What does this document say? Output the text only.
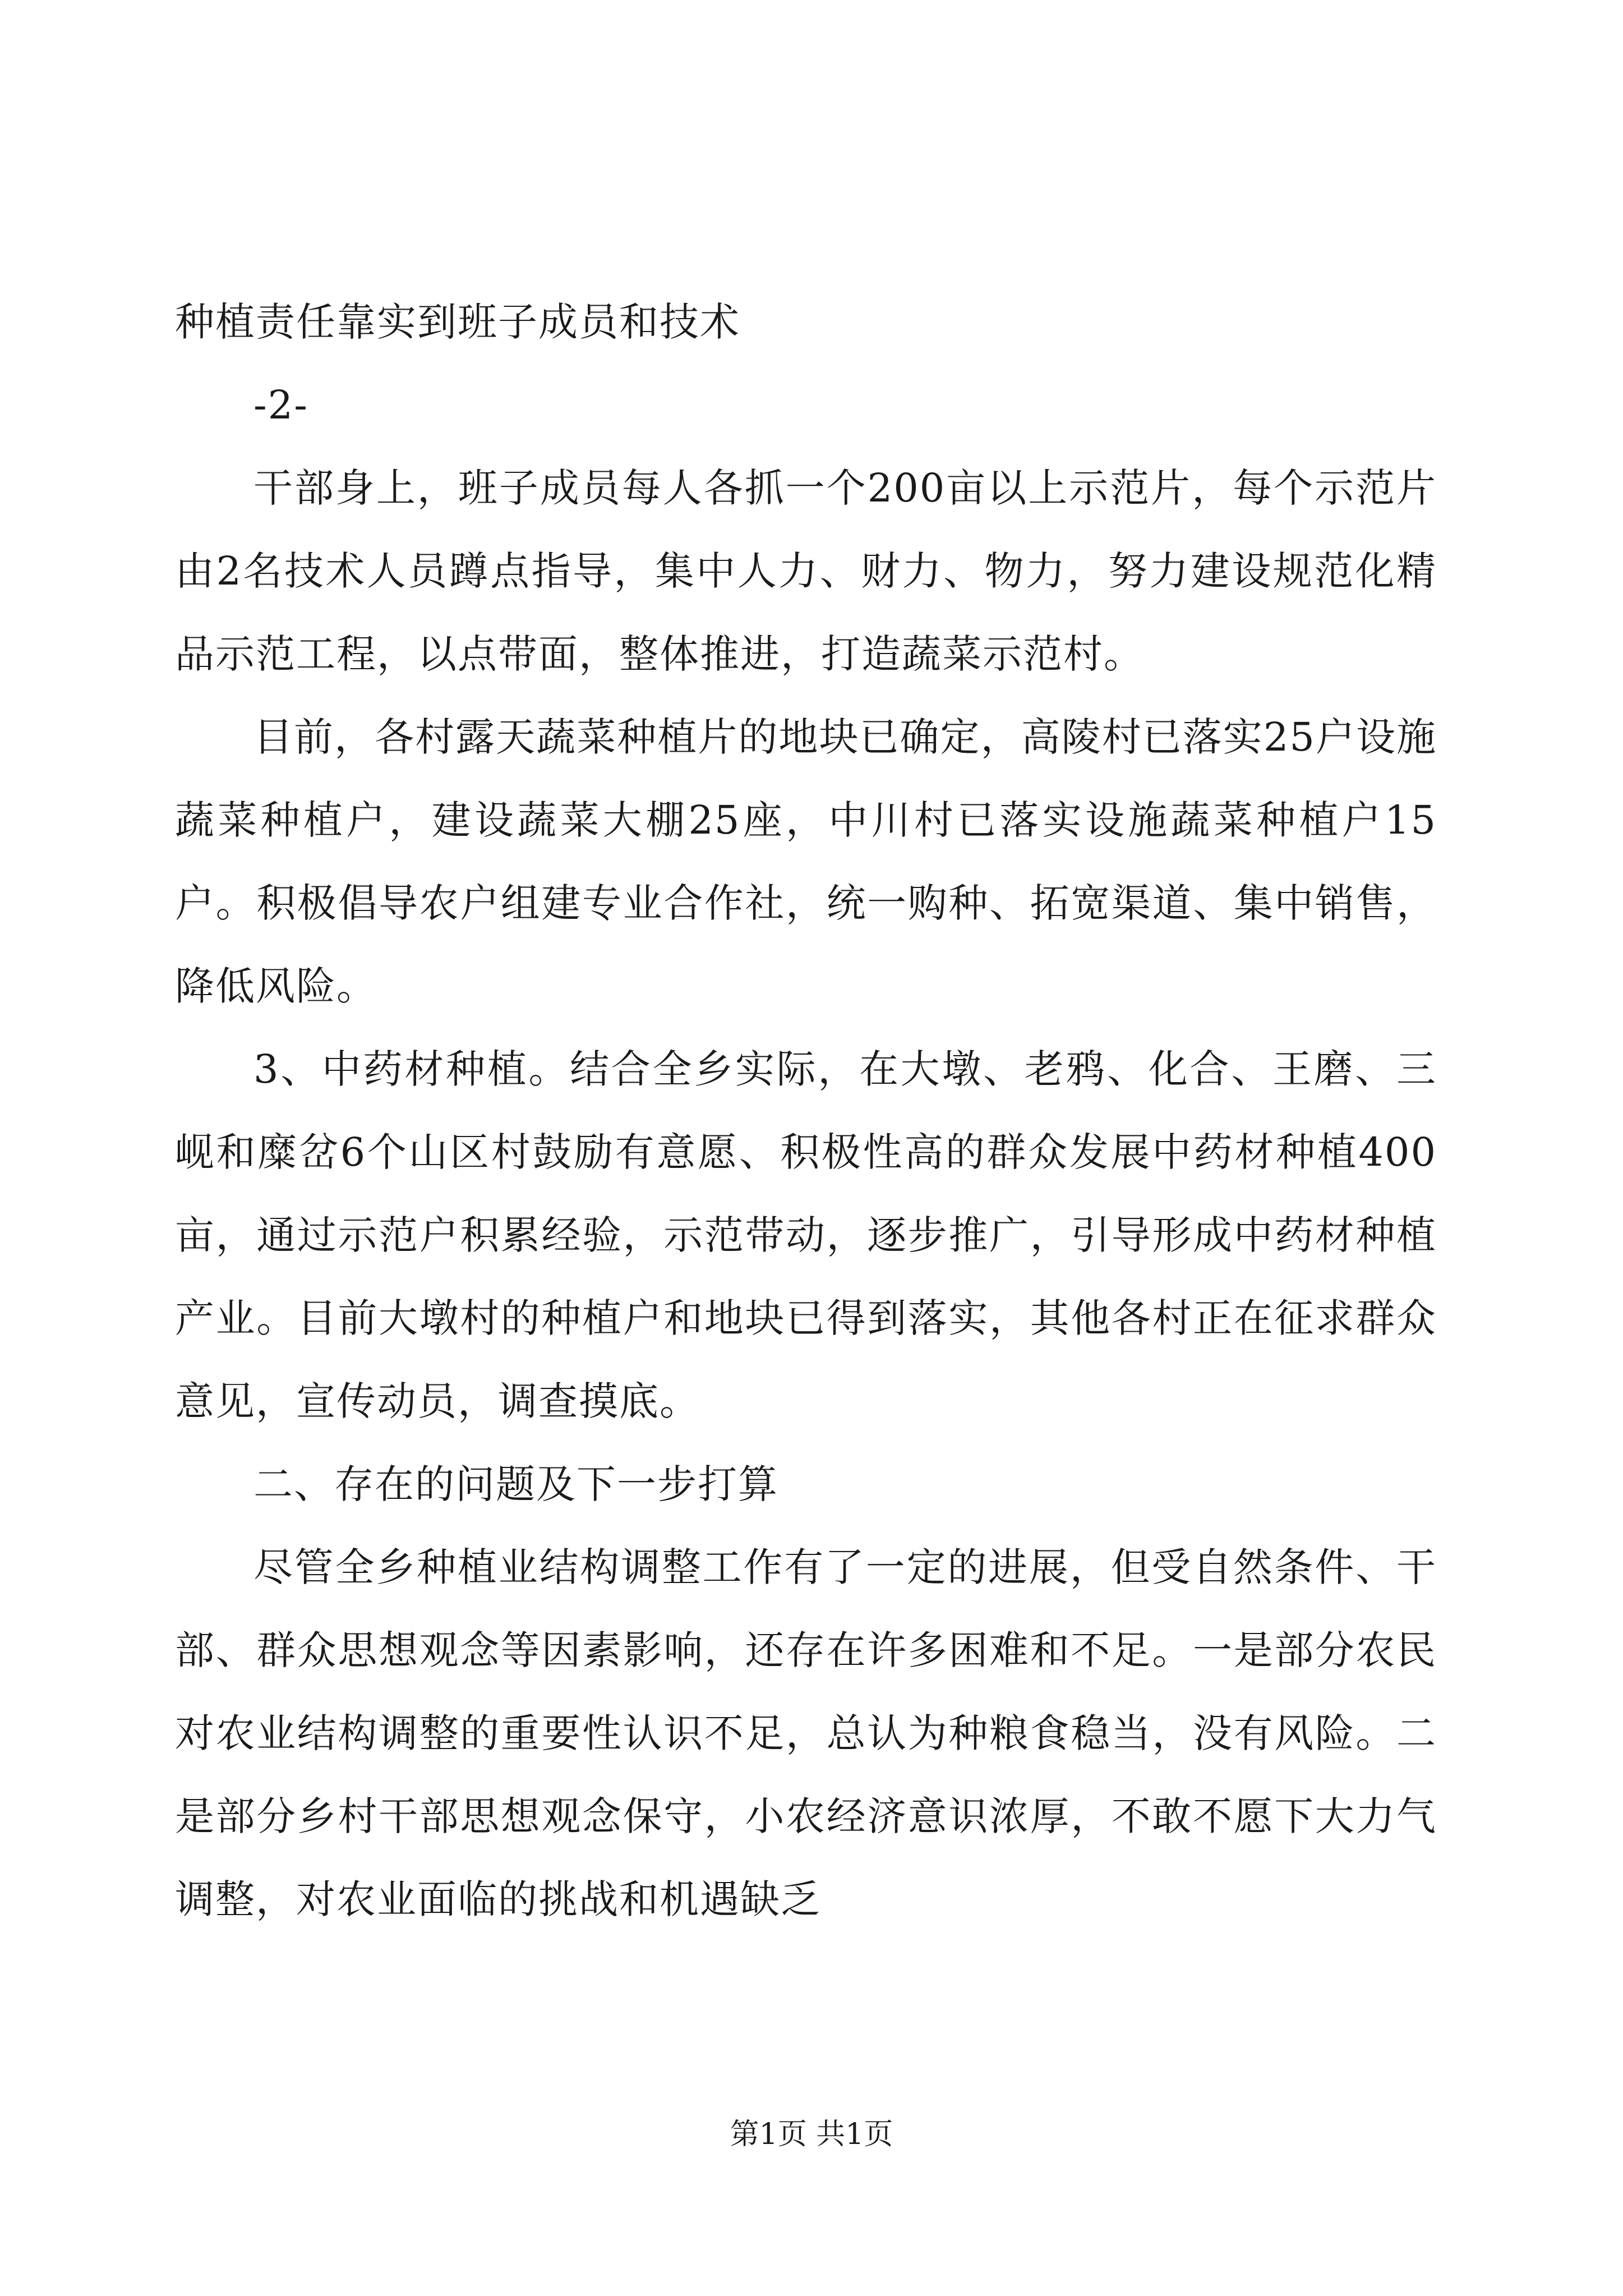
种植责任靠实到班子成员和技术

-2-

干部身上，班子成员每人各抓一个200亩以上示范片，每个示范片由2名技术人员蹲点指导，集中人力、财力、物力，努力建设规范化精品示范工程，以点带面，整体推进，打造蔬菜示范村。

目前，各村露天蔬菜种植片的地块已确定，高陵村已落实25户设施蔬菜种植户，建设蔬菜大棚25座，中川村已落实设施蔬菜种植户15户。积极倡导农户组建专业合作社，统一购种、拓宽渠道、集中销售，降低风险。

3、中药材种植。结合全乡实际，在大墩、老鸦、化合、王磨、三岘和糜岔6个山区村鼓励有意愿、积极性高的群众发展中药材种植400亩，通过示范户积累经验，示范带动，逐步推广，引导形成中药材种植产业。目前大墩村的种植户和地块已得到落实，其他各村正在征求群众意见，宣传动员，调查摸底。

二、存在的问题及下一步打算

尽管全乡种植业结构调整工作有了一定的进展，但受自然条件、干部、群众思想观念等因素影响，还存在许多困难和不足。一是部分农民对农业结构调整的重要性认识不足，总认为种粮食稳当，没有风险。二是部分乡村干部思想观念保守，小农经济意识浓厚，不敢不愿下大力气调整，对农业面临的挑战和机遇缺乏

第1页 共1页
